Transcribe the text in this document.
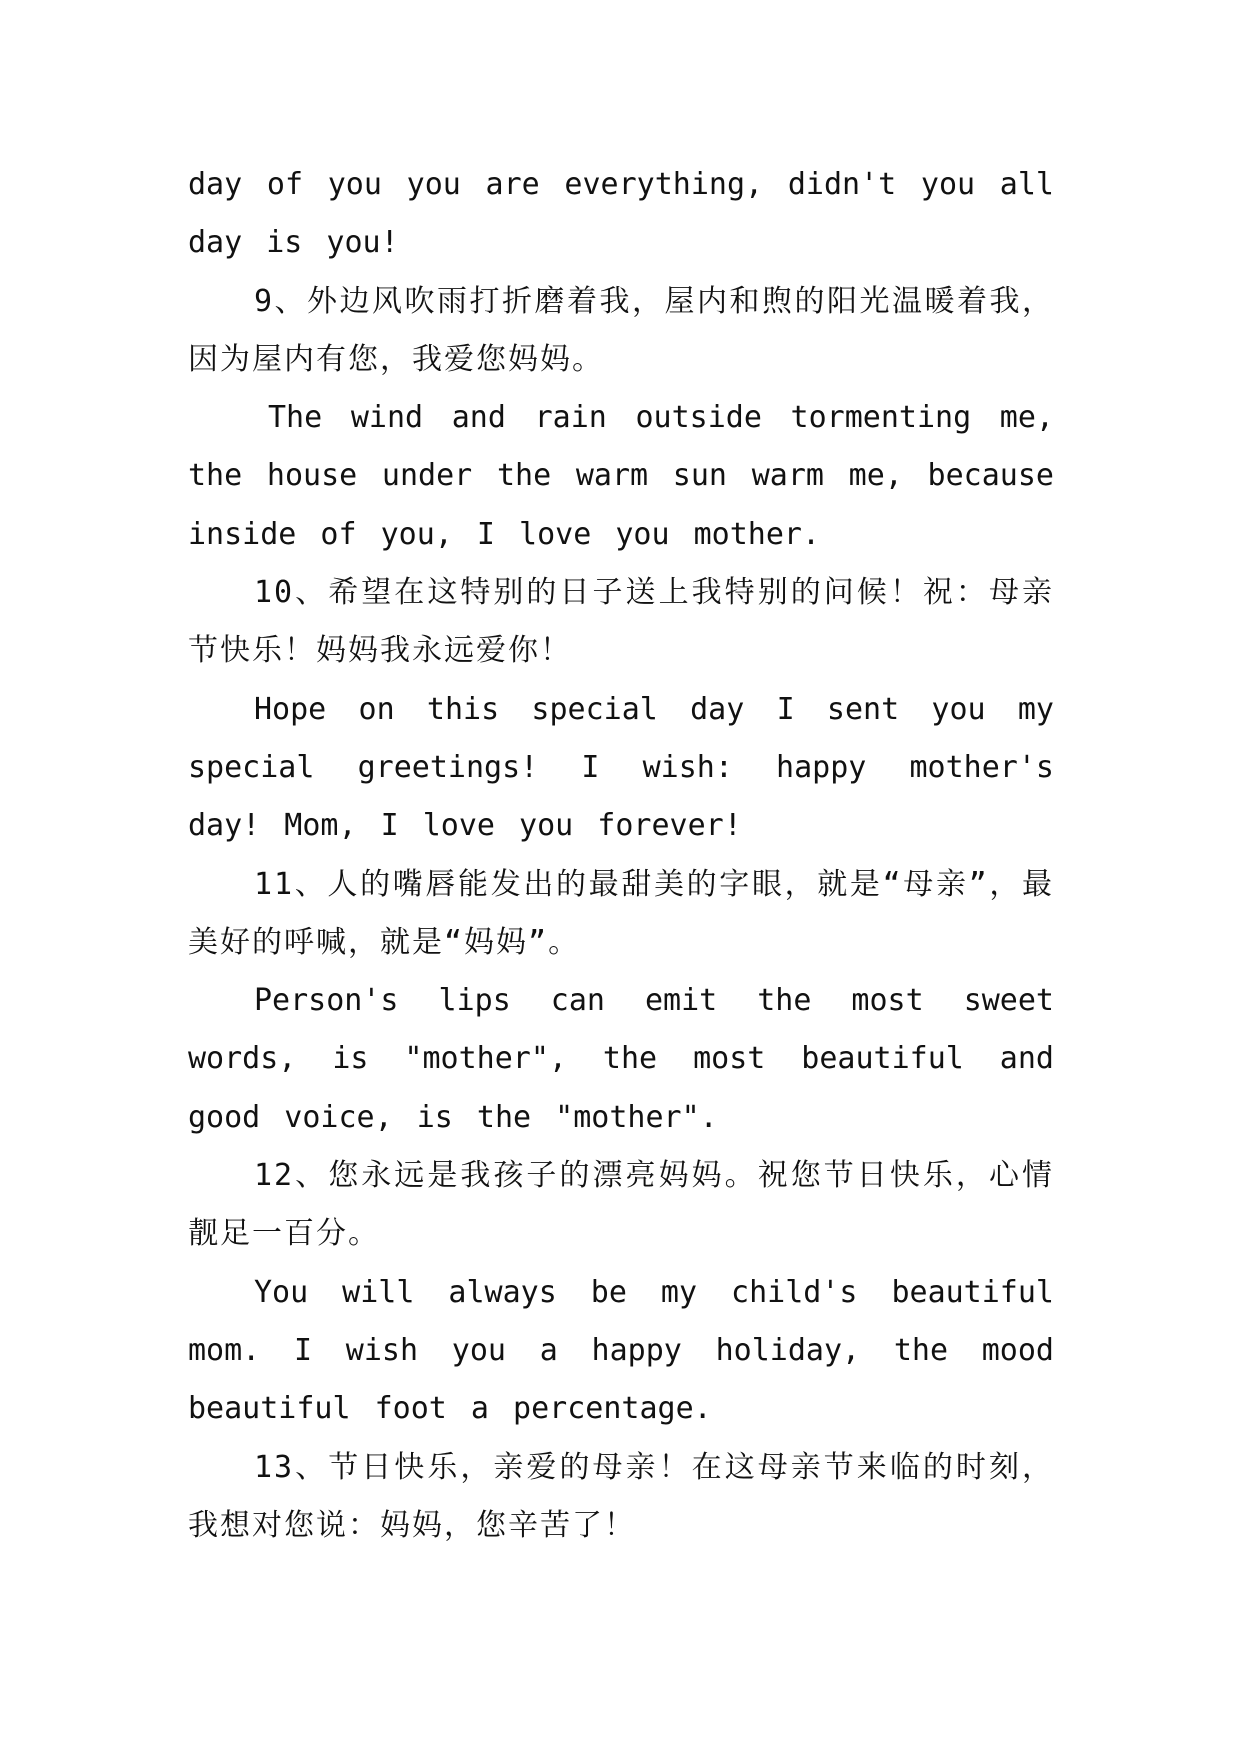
day of you you are everything, didn't you all day is you!

9、外边风吹雨打折磨着我，屋内和煦的阳光温暖着我，因为屋内有您，我爱您妈妈。

The wind and rain outside tormenting me, the house under the warm sun warm me, because inside of you, I love you mother.

10、希望在这特别的日子送上我特别的问候！祝：母亲节快乐！妈妈我永远爱你！

Hope on this special day I sent you my special greetings! I wish: happy mother's day! Mom, I love you forever!

11、人的嘴唇能发出的最甜美的字眼，就是“母亲”，最美好的呼喊，就是“妈妈”。

Person's lips can emit the most sweet words, is "mother", the most beautiful and good voice, is the "mother".

12、您永远是我孩子的漂亮妈妈。祝您节日快乐，心情靓足一百分。

You will always be my child's beautiful mom. I wish you a happy holiday, the mood beautiful foot a percentage.

13、节日快乐，亲爱的母亲！在这母亲节来临的时刻，我想对您说：妈妈，您辛苦了！
